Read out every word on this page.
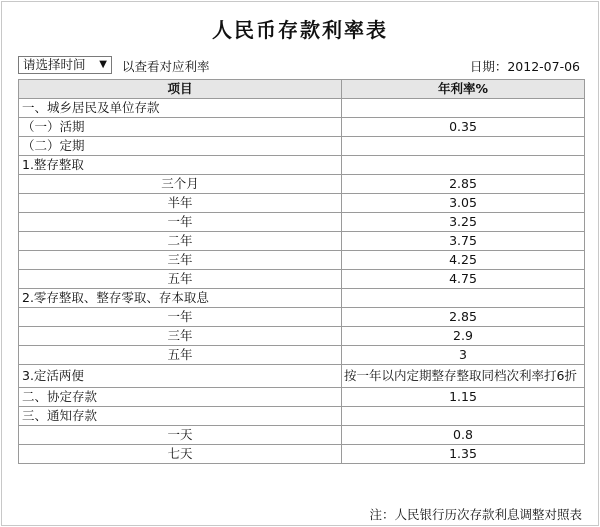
人民币存款利率表
请选择时间 ▼ 以查看对应利率	日期：2012-07-06
项目	年利率%
一、城乡居民及单位存款	
（一）活期	0.35
（二）定期	
1.整存整取	
三个月	2.85
半年	3.05
一年	3.25
二年	3.75
三年	4.25
五年	4.75
2.零存整取、整存零取、存本取息	
一年	2.85
三年	2.9
五年	3
3.定活两便	按一年以内定期整存整取同档次利率打6折
二、协定存款	1.15
三、通知存款	
一天	0.8
七天	1.35
注：人民银行历次存款利息调整对照表
